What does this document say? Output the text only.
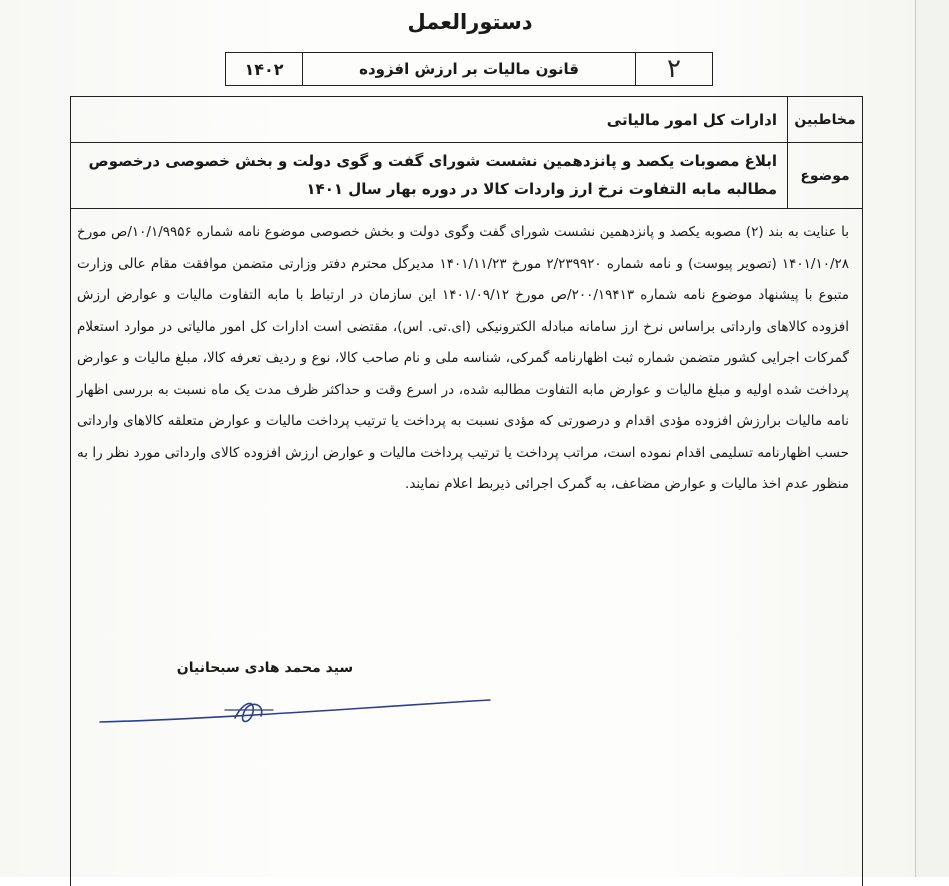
دستورالعمل
۲
قانون مالیات بر ارزش افزوده
۱۴۰۲
مخاطبین
ادارات کل امور مالیاتی
موضوع
ابلاغ مصوبات یکصد و پانزدهمین نشست شورای گفت و گوی دولت و بخش خصوصی درخصوص مطالبه مابه التفاوت نرخ ارز واردات کالا در دوره بهار سال ۱۴۰۱
با عنایت به بند (۲) مصوبه یکصد و پانزدهمین نشست شورای گفت وگوی دولت و بخش خصوصی موضوع نامه شماره ۱۰/۱/۹۹۵۶/ص مورخ ۱۴۰۱/۱۰/۲۸ (تصویر پیوست) و نامه شماره ۲/۲۳۹۹۲۰ مورخ ۱۴۰۱/۱۱/۲۳ مدیرکل محترم دفتر وزارتی متضمن موافقت مقام عالی وزارت متبوع با پیشنهاد موضوع نامه شماره ۲۰۰/۱۹۴۱۳/ص مورخ ۱۴۰۱/۰۹/۱۲ این سازمان در ارتباط با مابه التفاوت مالیات و عوارض ارزش افزوده کالاهای وارداتی براساس نرخ ارز سامانه مبادله الکترونیکی (ای.تی. اس)، مقتضی است ادارات کل امور مالیاتی در موارد استعلام گمرکات اجرایی کشور متضمن شماره ثبت اظهارنامه گمرکی، شناسه ملی و نام صاحب کالا، نوع و ردیف تعرفه کالا، مبلغ مالیات و عوارض پرداخت شده اولیه و مبلغ مالیات و عوارض مابه التفاوت مطالبه شده، در اسرع وقت و حداکثر ظرف مدت یک ماه نسبت به بررسی اظهار نامه مالیات برارزش افزوده مؤدی اقدام و درصورتی که مؤدی نسبت به پرداخت یا ترتیب پرداخت مالیات و عوارض متعلقه کالاهای وارداتی حسب اظهارنامه تسلیمی اقدام نموده است، مراتب پرداخت یا ترتیب پرداخت مالیات و عوارض ارزش افزوده کالای وارداتی مورد نظر را به منظور عدم اخذ مالیات و عوارض مضاعف، به گمرک اجرائی ذیربط اعلام نمایند.
سید محمد هادی سبحانیان
